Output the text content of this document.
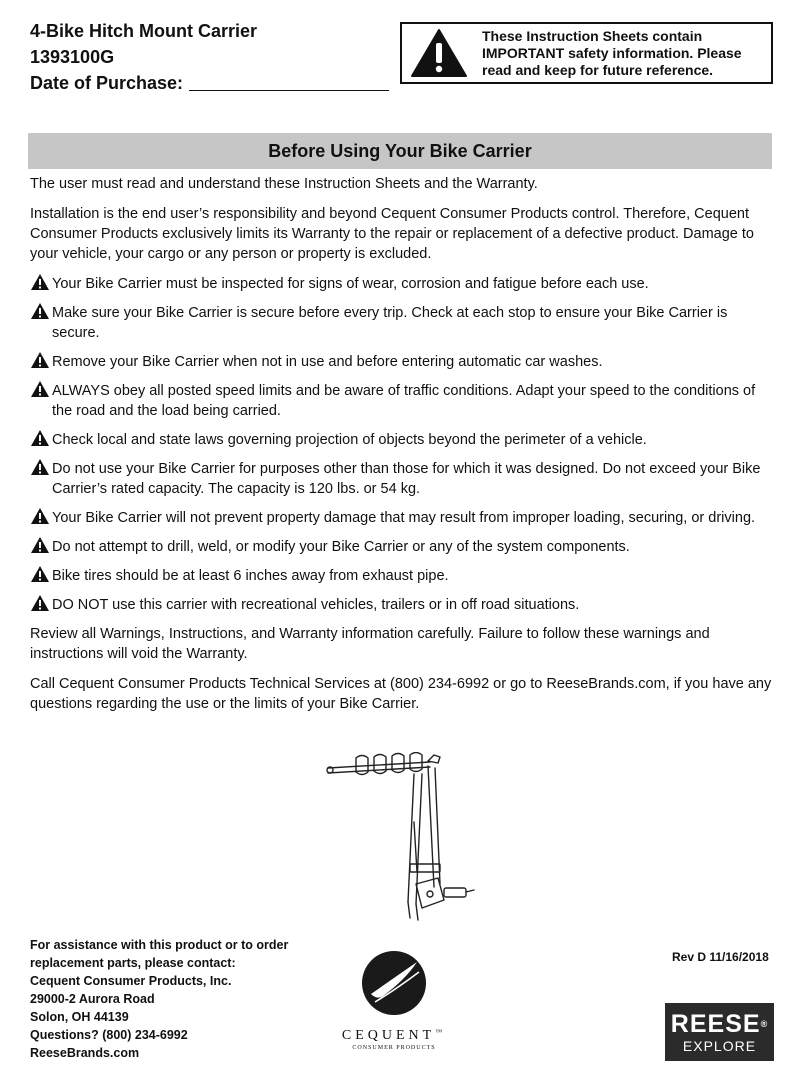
4-Bike Hitch Mount Carrier
1393100G
Date of Purchase:
These Instruction Sheets contain IMPORTANT safety information. Please read and keep for future reference.
Before Using Your Bike Carrier

The user must read and understand these Instruction Sheets and the Warranty.

Installation is the end user’s responsibility and beyond Cequent Consumer Products control. Therefore, Cequent Consumer Products exclusively limits its Warranty to the repair or replacement of a defective product. Damage to your vehicle, your cargo or any person or property is excluded.

Your Bike Carrier must be inspected for signs of wear, corrosion and fatigue before each use.
Make sure your Bike Carrier is secure before every trip. Check at each stop to ensure your Bike Carrier is secure.
Remove your Bike Carrier when not in use and before entering automatic car washes.
ALWAYS obey all posted speed limits and be aware of traffic conditions. Adapt your speed to the conditions of the road and the load being carried.
Check local and state laws governing projection of objects beyond the perimeter of a vehicle.
Do not use your Bike Carrier for purposes other than those for which it was designed. Do not exceed your Bike Carrier’s rated capacity. The capacity is 120 lbs. or 54 kg.
Your Bike Carrier will not prevent property damage that may result from improper loading, securing, or driving.
Do not attempt to drill, weld, or modify your Bike Carrier or any of the system components.
Bike tires should be at least 6 inches away from exhaust pipe.
DO NOT use this carrier with recreational vehicles, trailers or in off road situations.

Review all Warnings, Instructions, and Warranty information carefully. Failure to follow these warnings and instructions will void the Warranty.

Call Cequent Consumer Products Technical Services at (800) 234-6992 or go to ReeseBrands.com, if you have any questions regarding the use or the limits of your Bike Carrier.

For assistance with this product or to order
replacement parts, please contact:
Cequent Consumer Products, Inc.
29000-2 Aurora Road
Solon, OH 44139
Questions? (800) 234-6992
ReeseBrands.com
CEQUENT™
CONSUMER PRODUCTS
Rev D 11/16/2018
REESE®
EXPLORE
